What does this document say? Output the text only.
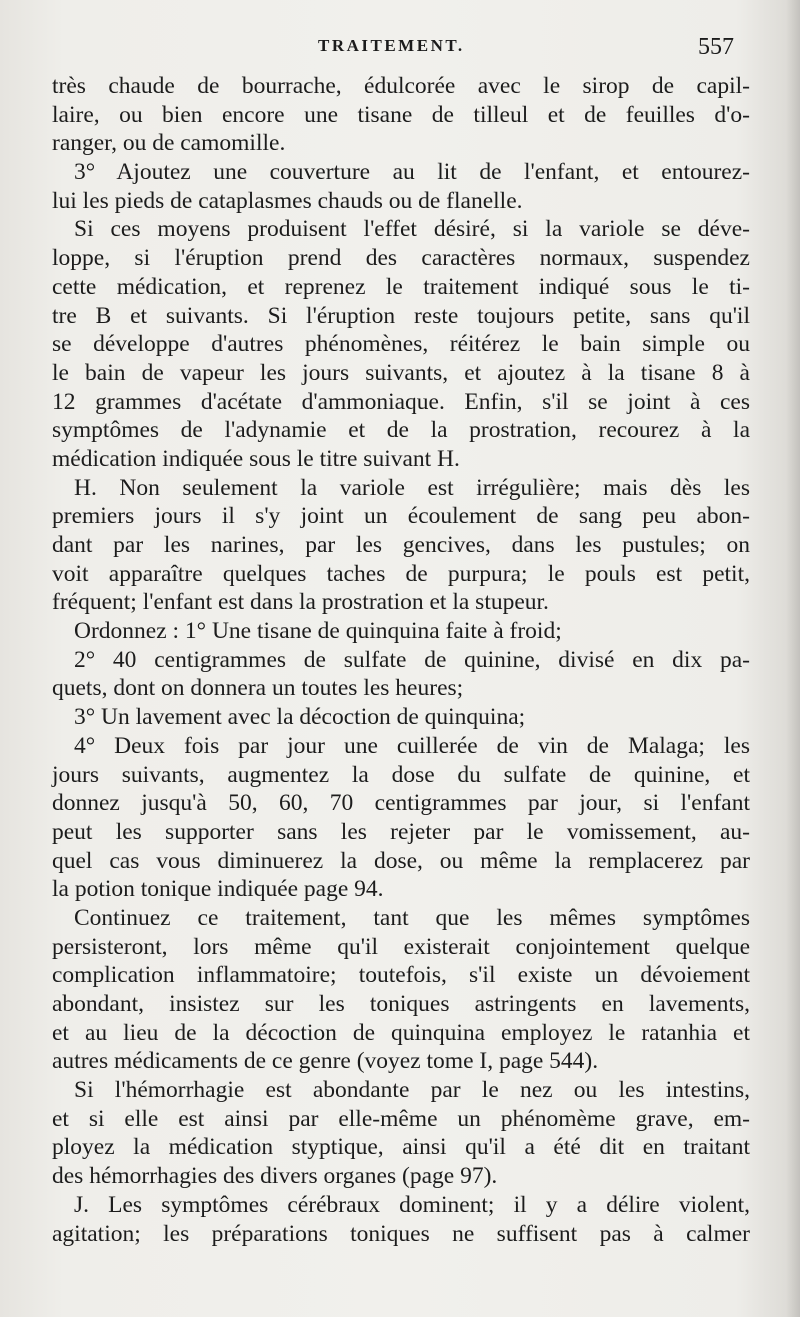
TRAITEMENT.	557
très chaude de bourrache, édulcorée avec le sirop de capil-
laire, ou bien encore une tisane de tilleul et de feuilles d'o-
ranger, ou de camomille.
3° Ajoutez une couverture au lit de l'enfant, et entourez-
lui les pieds de cataplasmes chauds ou de flanelle.
Si ces moyens produisent l'effet désiré, si la variole se déve-
loppe, si l'éruption prend des caractères normaux, suspendez
cette médication, et reprenez le traitement indiqué sous le ti-
tre B et suivants. Si l'éruption reste toujours petite, sans qu'il
se développe d'autres phénomènes, réitérez le bain simple ou
le bain de vapeur les jours suivants, et ajoutez à la tisane 8 à
12 grammes d'acétate d'ammoniaque. Enfin, s'il se joint à ces
symptômes de l'adynamie et de la prostration, recourez à la
médication indiquée sous le titre suivant H.
H. Non seulement la variole est irrégulière; mais dès les
premiers jours il s'y joint un écoulement de sang peu abon-
dant par les narines, par les gencives, dans les pustules; on
voit apparaître quelques taches de purpura; le pouls est petit,
fréquent; l'enfant est dans la prostration et la stupeur.
Ordonnez : 1° Une tisane de quinquina faite à froid;
2° 40 centigrammes de sulfate de quinine, divisé en dix pa-
quets, dont on donnera un toutes les heures;
3° Un lavement avec la décoction de quinquina;
4° Deux fois par jour une cuillerée de vin de Malaga; les
jours suivants, augmentez la dose du sulfate de quinine, et
donnez jusqu'à 50, 60, 70 centigrammes par jour, si l'enfant
peut les supporter sans les rejeter par le vomissement, au-
quel cas vous diminuerez la dose, ou même la remplacerez par
la potion tonique indiquée page 94.
Continuez ce traitement, tant que les mêmes symptômes
persisteront, lors même qu'il existerait conjointement quelque
complication inflammatoire; toutefois, s'il existe un dévoiement
abondant, insistez sur les toniques astringents en lavements,
et au lieu de la décoction de quinquina employez le ratanhia et
autres médicaments de ce genre (voyez tome I, page 544).
Si l'hémorrhagie est abondante par le nez ou les intestins,
et si elle est ainsi par elle-même un phénomème grave, em-
ployez la médication styptique, ainsi qu'il a été dit en traitant
des hémorrhagies des divers organes (page 97).
J. Les symptômes cérébraux dominent; il y a délire violent,
agitation; les préparations toniques ne suffisent pas à calmer
